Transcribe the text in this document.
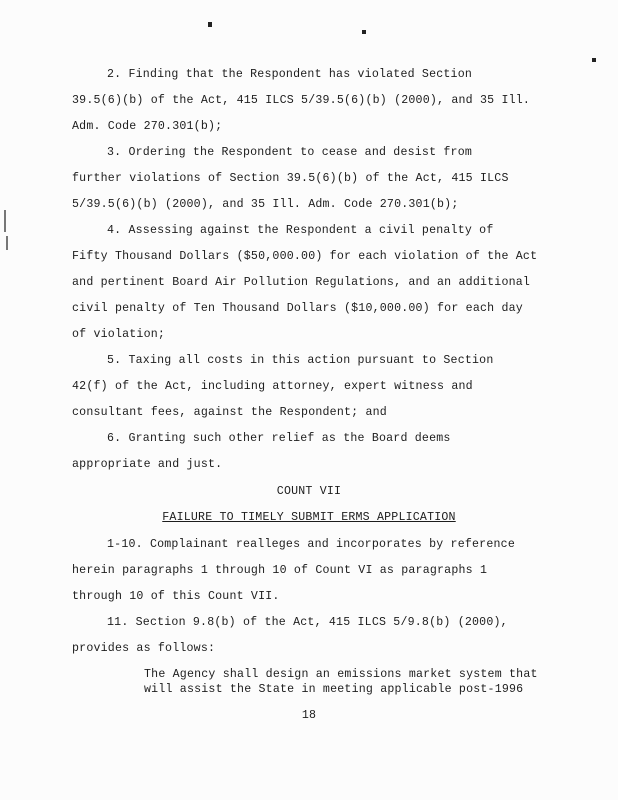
2. Finding that the Respondent has violated Section
39.5(6)(b) of the Act, 415 ILCS 5/39.5(6)(b) (2000), and 35 Ill.
Adm. Code 270.301(b);
3. Ordering the Respondent to cease and desist from
further violations of Section 39.5(6)(b) of the Act, 415 ILCS
5/39.5(6)(b) (2000), and 35 Ill. Adm. Code 270.301(b);
4. Assessing against the Respondent a civil penalty of
Fifty Thousand Dollars ($50,000.00) for each violation of the Act
and pertinent Board Air Pollution Regulations, and an additional
civil penalty of Ten Thousand Dollars ($10,000.00) for each day
of violation;
5. Taxing all costs in this action pursuant to Section
42(f) of the Act, including attorney, expert witness and
consultant fees, against the Respondent; and
6. Granting such other relief as the Board deems
appropriate and just.
COUNT VII
FAILURE TO TIMELY SUBMIT ERMS APPLICATION
1-10. Complainant realleges and incorporates by reference
herein paragraphs 1 through 10 of Count VI as paragraphs 1
through 10 of this Count VII.
11. Section 9.8(b) of the Act, 415 ILCS 5/9.8(b) (2000),
provides as follows:
The Agency shall design an emissions market system that
will assist the State in meeting applicable post-1996
18
